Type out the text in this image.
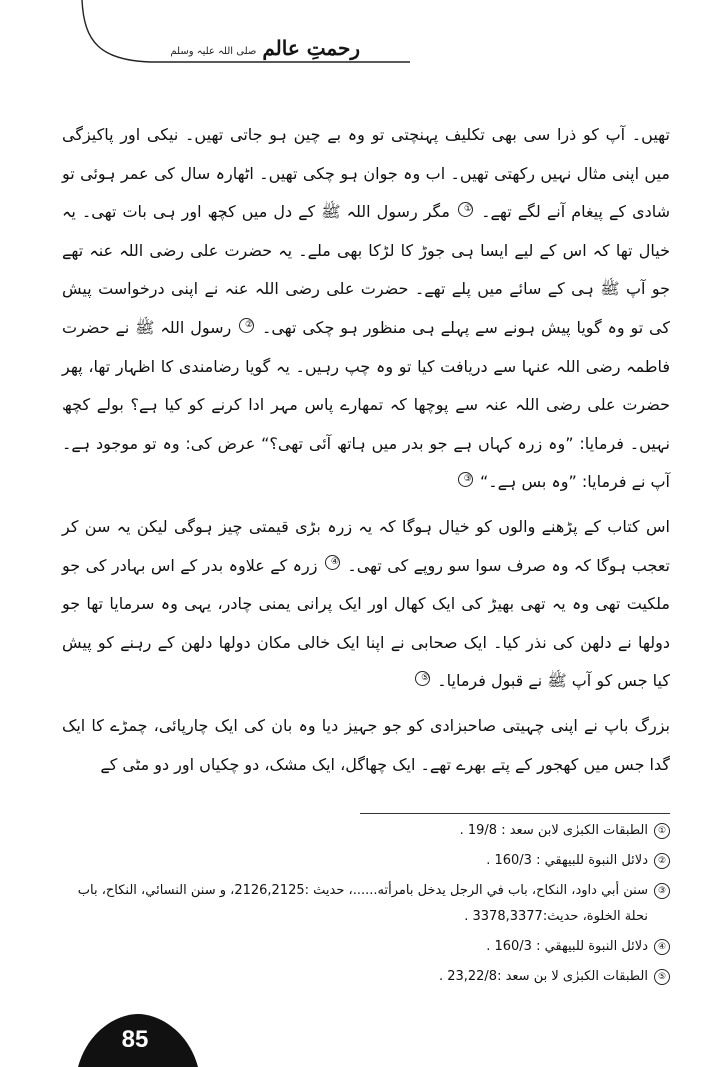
رحمتِ عالم
صلی اللہ علیہ وسلم

تھیں۔ آپ کو ذرا سی بھی تکلیف پہنچتی تو وہ بے چین ہو جاتی تھیں۔ نیکی اور پاکیزگی میں اپنی مثال نہیں رکھتی تھیں۔ اب وہ جوان ہو چکی تھیں۔ اٹھارہ سال کی عمر ہوئی تو شادی کے پیغام آنے لگے تھے۔ ① مگر رسول اللہ ﷺ کے دل میں کچھ اور ہی بات تھی۔ یہ خیال تھا کہ اس کے لیے ایسا ہی جوڑ کا لڑکا بھی ملے۔ یہ حضرت علی رضی اللہ عنہ تھے جو آپ ﷺ ہی کے سائے میں پلے تھے۔ حضرت علی رضی اللہ عنہ نے اپنی درخواست پیش کی تو وہ گویا پیش ہونے سے پہلے ہی منظور ہو چکی تھی۔ ② رسول اللہ ﷺ نے حضرت فاطمہ رضی اللہ عنہا سے دریافت کیا تو وہ چپ رہیں۔ یہ گویا رضامندی کا اظہار تھا، پھر حضرت علی رضی اللہ عنہ سے پوچھا کہ تمھارے پاس مہر ادا کرنے کو کیا ہے؟ بولے کچھ نہیں۔ فرمایا: ”وہ زرہ کہاں ہے جو بدر میں ہاتھ آئی تھی؟“ عرض کی: وہ تو موجود ہے۔ آپ نے فرمایا: ”وہ بس ہے۔“ ③

اس کتاب کے پڑھنے والوں کو خیال ہوگا کہ یہ زرہ بڑی قیمتی چیز ہوگی لیکن یہ سن کر تعجب ہوگا کہ وہ صرف سوا سو روپے کی تھی۔ ④ زرہ کے علاوہ بدر کے اس بہادر کی جو ملکیت تھی وہ یہ تھی بھیڑ کی ایک کھال اور ایک پرانی یمنی چادر، یہی وہ سرمایا تھا جو دولھا نے دلھن کی نذر کیا۔ ایک صحابی نے اپنا ایک خالی مکان دولھا دلھن کے رہنے کو پیش کیا جس کو آپ ﷺ نے قبول فرمایا۔ ⑤

بزرگ باپ نے اپنی چہیتی صاحبزادی کو جو جہیز دیا وہ بان کی ایک چارپائی، چمڑے کا ایک گدا جس میں کھجور کے پتے بھرے تھے۔ ایک چھاگل، ایک مشک، دو چکیاں اور دو مٹی کے

①
الطبقات الكبرٰى لابن سعد : 19/8 .
②
دلائل النبوة للبيهقي : 160/3 .
③
سنن أبي داود، النكاح، باب في الرجل يدخل بامرأته......، حديث :2126,2125، و سنن النسائي، النكاح، باب نحلة الخلوة، حديث:3378,3377 .
④
دلائل النبوة للبيهقي : 160/3 .
⑤
الطبقات الكبرٰى لا بن سعد :23,22/8 .
85
